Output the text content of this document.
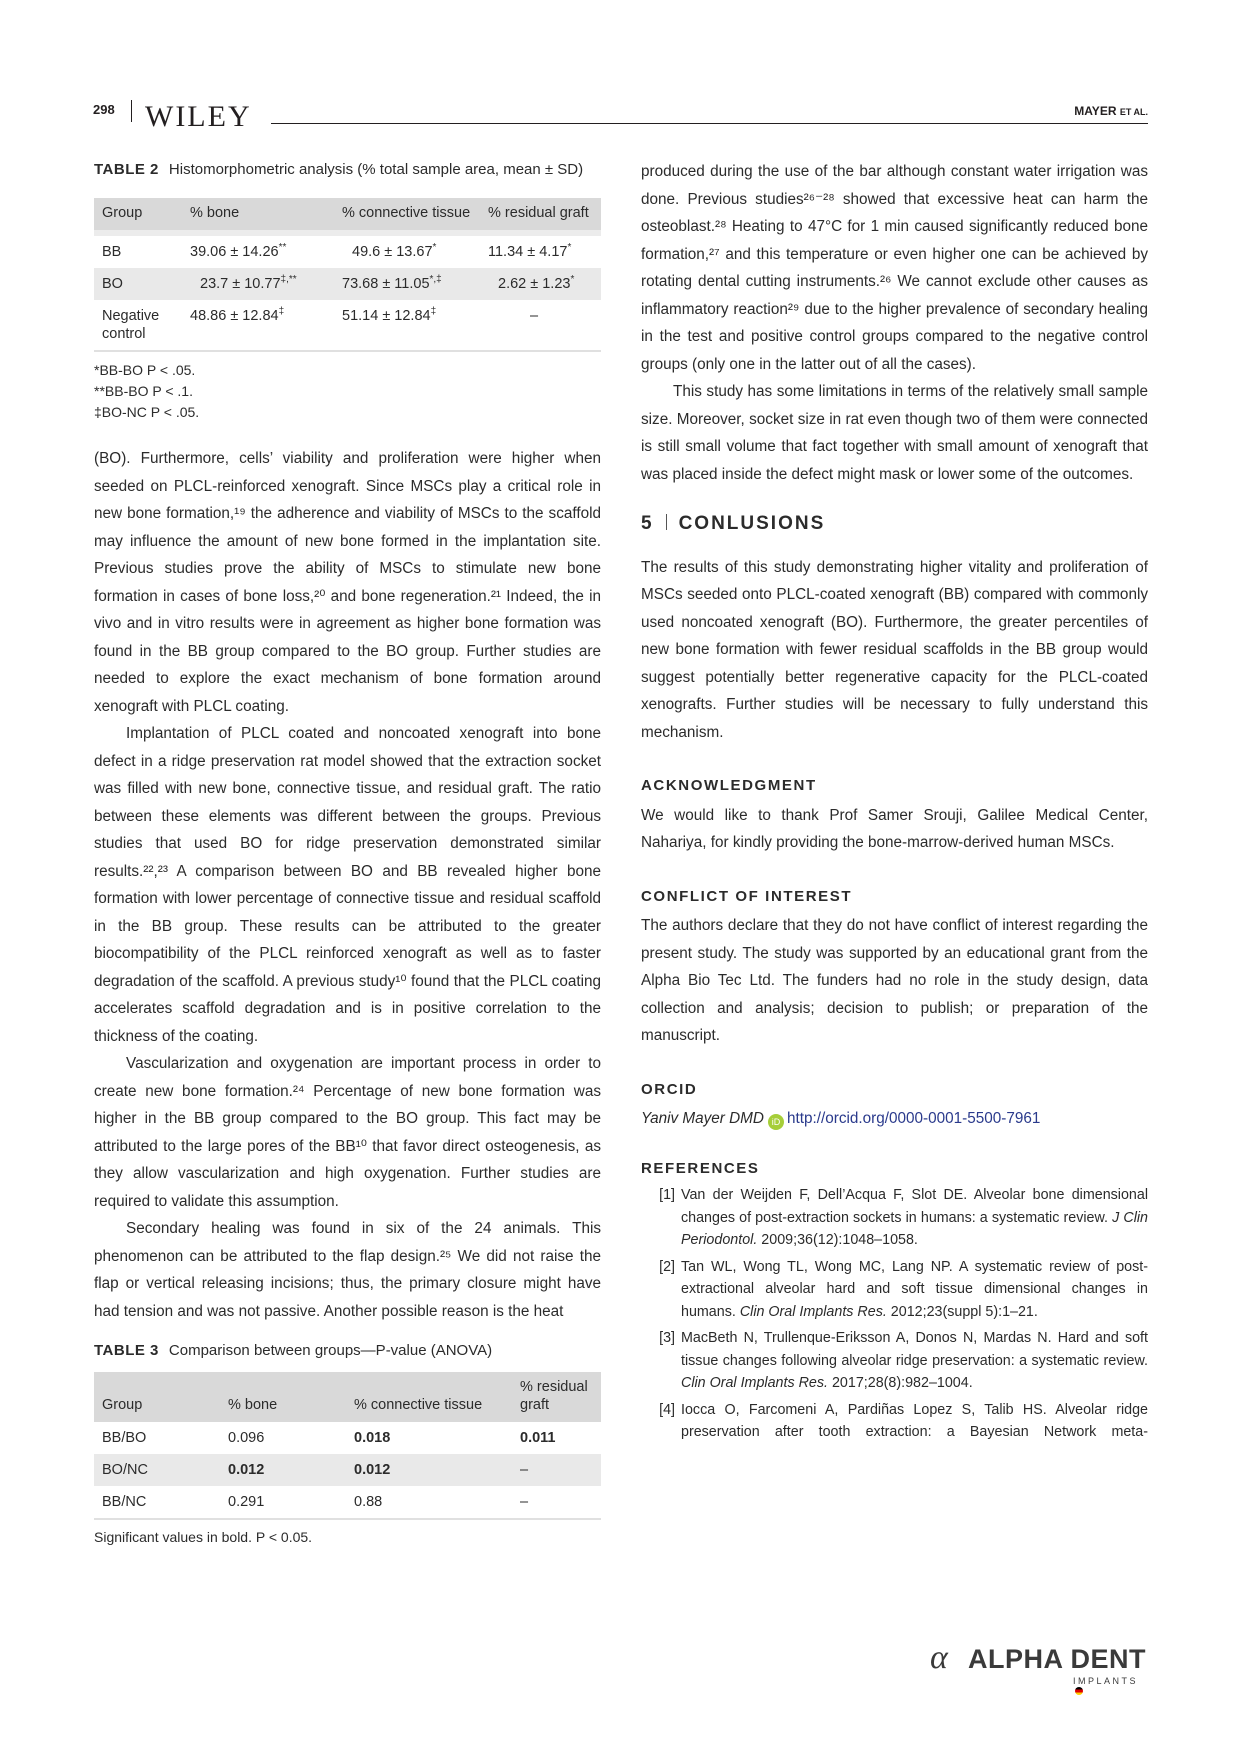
298 WILEY	MAYER ET AL.
TABLE 2 Histomorphometric analysis (% total sample area, mean ± SD)
Group	% bone	% connective tissue	% residual graft

BB	39.06 ± 14.26**	49.6 ± 13.67*	11.34 ± 4.17*
BO	23.7 ± 10.77‡,**	73.68 ± 11.05*,‡	2.62 ± 1.23*
Negative control	48.86 ± 12.84‡	51.14 ± 12.84‡	–
*BB-BO P < .05.
**BB-BO P < .1.
‡BO-NC P < .05.

(BO). Furthermore, cells’ viability and proliferation were higher when seeded on PLCL-reinforced xenograft. Since MSCs play a critical role in new bone formation,¹⁹ the adherence and viability of MSCs to the scaffold may influence the amount of new bone formed in the implantation site. Previous studies prove the ability of MSCs to stimulate new bone formation in cases of bone loss,²⁰ and bone regeneration.²¹ Indeed, the in vivo and in vitro results were in agreement as higher bone formation was found in the BB group compared to the BO group. Further studies are needed to explore the exact mechanism of bone formation around xenograft with PLCL coating.

Implantation of PLCL coated and noncoated xenograft into bone defect in a ridge preservation rat model showed that the extraction socket was filled with new bone, connective tissue, and residual graft. The ratio between these elements was different between the groups. Previous studies that used BO for ridge preservation demonstrated similar results.²²,²³ A comparison between BO and BB revealed higher bone formation with lower percentage of connective tissue and residual scaffold in the BB group. These results can be attributed to the greater biocompatibility of the PLCL reinforced xenograft as well as to faster degradation of the scaffold. A previous study¹⁰ found that the PLCL coating accelerates scaffold degradation and is in positive correlation to the thickness of the coating.

Vascularization and oxygenation are important process in order to create new bone formation.²⁴ Percentage of new bone formation was higher in the BB group compared to the BO group. This fact may be attributed to the large pores of the BB¹⁰ that favor direct osteogenesis, as they allow vascularization and high oxygenation. Further studies are required to validate this assumption.

Secondary healing was found in six of the 24 animals. This phenomenon can be attributed to the flap design.²⁵ We did not raise the flap or vertical releasing incisions; thus, the primary closure might have had tension and was not passive. Another possible reason is the heat

TABLE 3 Comparison between groups—P-value (ANOVA)
Group	% bone	% connective tissue	% residual graft
BB/BO	0.096	0.018	0.011
BO/NC	0.012	0.012	–
BB/NC	0.291	0.88	–
Significant values in bold. P < 0.05.

produced during the use of the bar although constant water irrigation was done. Previous studies²⁶⁻²⁸ showed that excessive heat can harm the osteoblast.²⁸ Heating to 47°C for 1 min caused significantly reduced bone formation,²⁷ and this temperature or even higher one can be achieved by rotating dental cutting instruments.²⁶ We cannot exclude other causes as inflammatory reaction²⁹ due to the higher prevalence of secondary healing in the test and positive control groups compared to the negative control groups (only one in the latter out of all the cases).

This study has some limitations in terms of the relatively small sample size. Moreover, socket size in rat even though two of them were connected is still small volume that fact together with small amount of xenograft that was placed inside the defect might mask or lower some of the outcomes.

5 CONLUSIONS

The results of this study demonstrating higher vitality and proliferation of MSCs seeded onto PLCL-coated xenograft (BB) compared with commonly used noncoated xenograft (BO). Furthermore, the greater percentiles of new bone formation with fewer residual scaffolds in the BB group would suggest potentially better regenerative capacity for the PLCL-coated xenografts. Further studies will be necessary to fully understand this mechanism.

ACKNOWLEDGMENT

We would like to thank Prof Samer Srouji, Galilee Medical Center, Nahariya, for kindly providing the bone-marrow-derived human MSCs.

CONFLICT OF INTEREST

The authors declare that they do not have conflict of interest regarding the present study. The study was supported by an educational grant from the Alpha Bio Tec Ltd. The funders had no role in the study design, data collection and analysis; decision to publish; or preparation of the manuscript.

ORCID
Yaniv Mayer DMD iD http://orcid.org/0000-0001-5500-7961
REFERENCES
[1] Van der Weijden F, Dell’Acqua F, Slot DE. Alveolar bone dimensional changes of post-extraction sockets in humans: a systematic review. J Clin Periodontol. 2009;36(12):1048–1058.
[2] Tan WL, Wong TL, Wong MC, Lang NP. A systematic review of post-extractional alveolar hard and soft tissue dimensional changes in humans. Clin Oral Implants Res. 2012;23(suppl 5):1–21.
[3] MacBeth N, Trullenque-Eriksson A, Donos N, Mardas N. Hard and soft tissue changes following alveolar ridge preservation: a systematic review. Clin Oral Implants Res. 2017;28(8):982–1004.
[4] Iocca O, Farcomeni A, Pardiñas Lopez S, Talib HS. Alveolar ridge preservation after tooth extraction: a Bayesian Network meta-
α ALPHA DENT
IMPLANTS
